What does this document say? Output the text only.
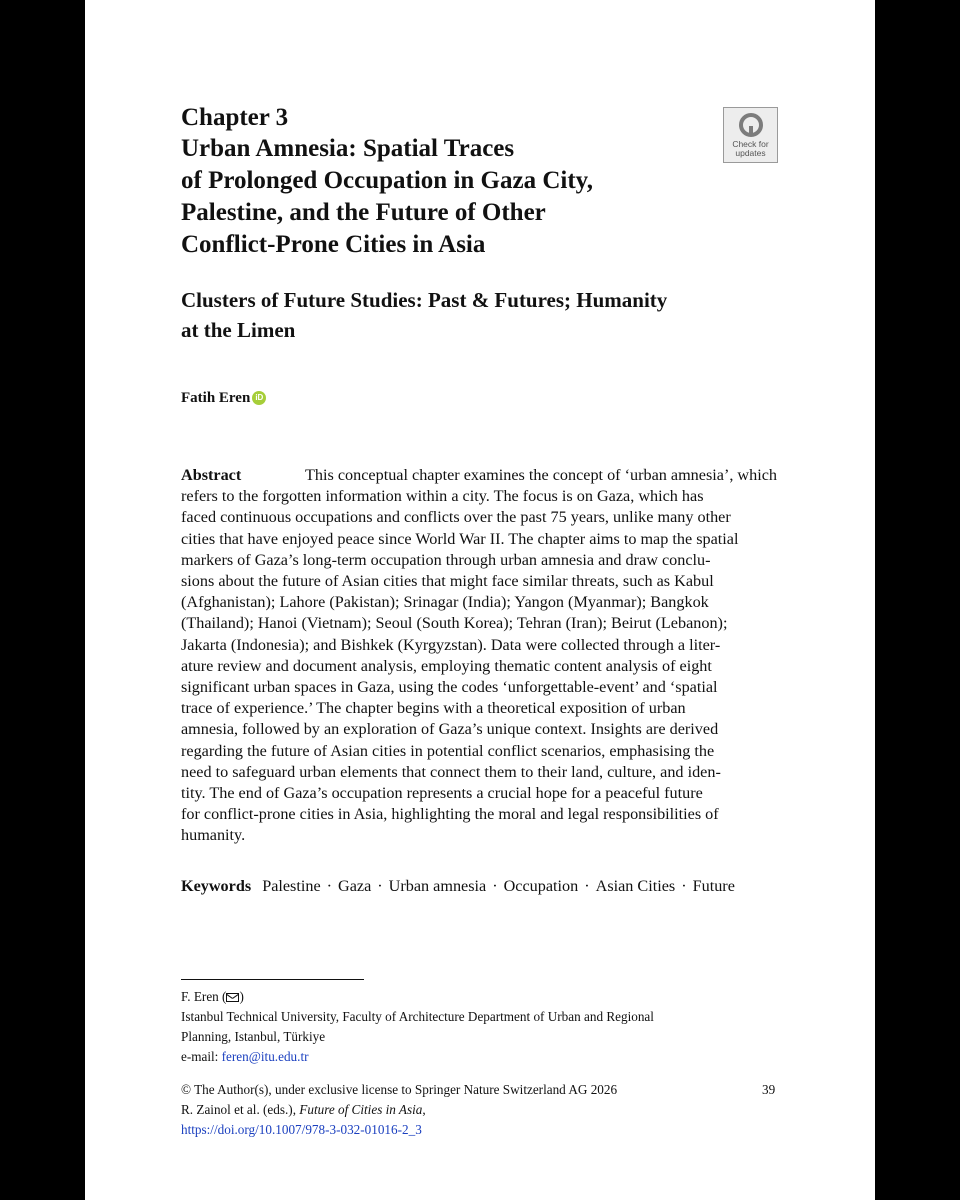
Chapter 3
Urban Amnesia: Spatial Traces
of Prolonged Occupation in Gaza City,
Palestine, and the Future of Other
Conflict-Prone Cities in Asia
Check for
updates
Clusters of Future Studies: Past & Futures; Humanity
at the Limen
Fatih Eren iD
Abstract	This conceptual chapter examines the concept of ‘urban amnesia’, which
refers to the forgotten information within a city. The focus is on Gaza, which has
faced continuous occupations and conflicts over the past 75 years, unlike many other
cities that have enjoyed peace since World War II. The chapter aims to map the spatial
markers of Gaza’s long-term occupation through urban amnesia and draw conclu-
sions about the future of Asian cities that might face similar threats, such as Kabul
(Afghanistan); Lahore (Pakistan); Srinagar (India); Yangon (Myanmar); Bangkok
(Thailand); Hanoi (Vietnam); Seoul (South Korea); Tehran (Iran); Beirut (Lebanon);
Jakarta (Indonesia); and Bishkek (Kyrgyzstan). Data were collected through a liter-
ature review and document analysis, employing thematic content analysis of eight
significant urban spaces in Gaza, using the codes ‘unforgettable-event’ and ‘spatial
trace of experience.’ The chapter begins with a theoretical exposition of urban
amnesia, followed by an exploration of Gaza’s unique context. Insights are derived
regarding the future of Asian cities in potential conflict scenarios, emphasising the
need to safeguard urban elements that connect them to their land, culture, and iden-
tity. The end of Gaza’s occupation represents a crucial hope for a peaceful future
for conflict-prone cities in Asia, highlighting the moral and legal responsibilities of
humanity.
Keywords Palestine · Gaza · Urban amnesia · Occupation · Asian Cities · Future
F. Eren ( )
Istanbul Technical University, Faculty of Architecture Department of Urban and Regional
Planning, Istanbul, Türkiye
e-mail: feren@itu.edu.tr
© The Author(s), under exclusive license to Springer Nature Switzerland AG 2026
R. Zainol et al. (eds.), Future of Cities in Asia,
https://doi.org/10.1007/978-3-032-01016-2_3
39
